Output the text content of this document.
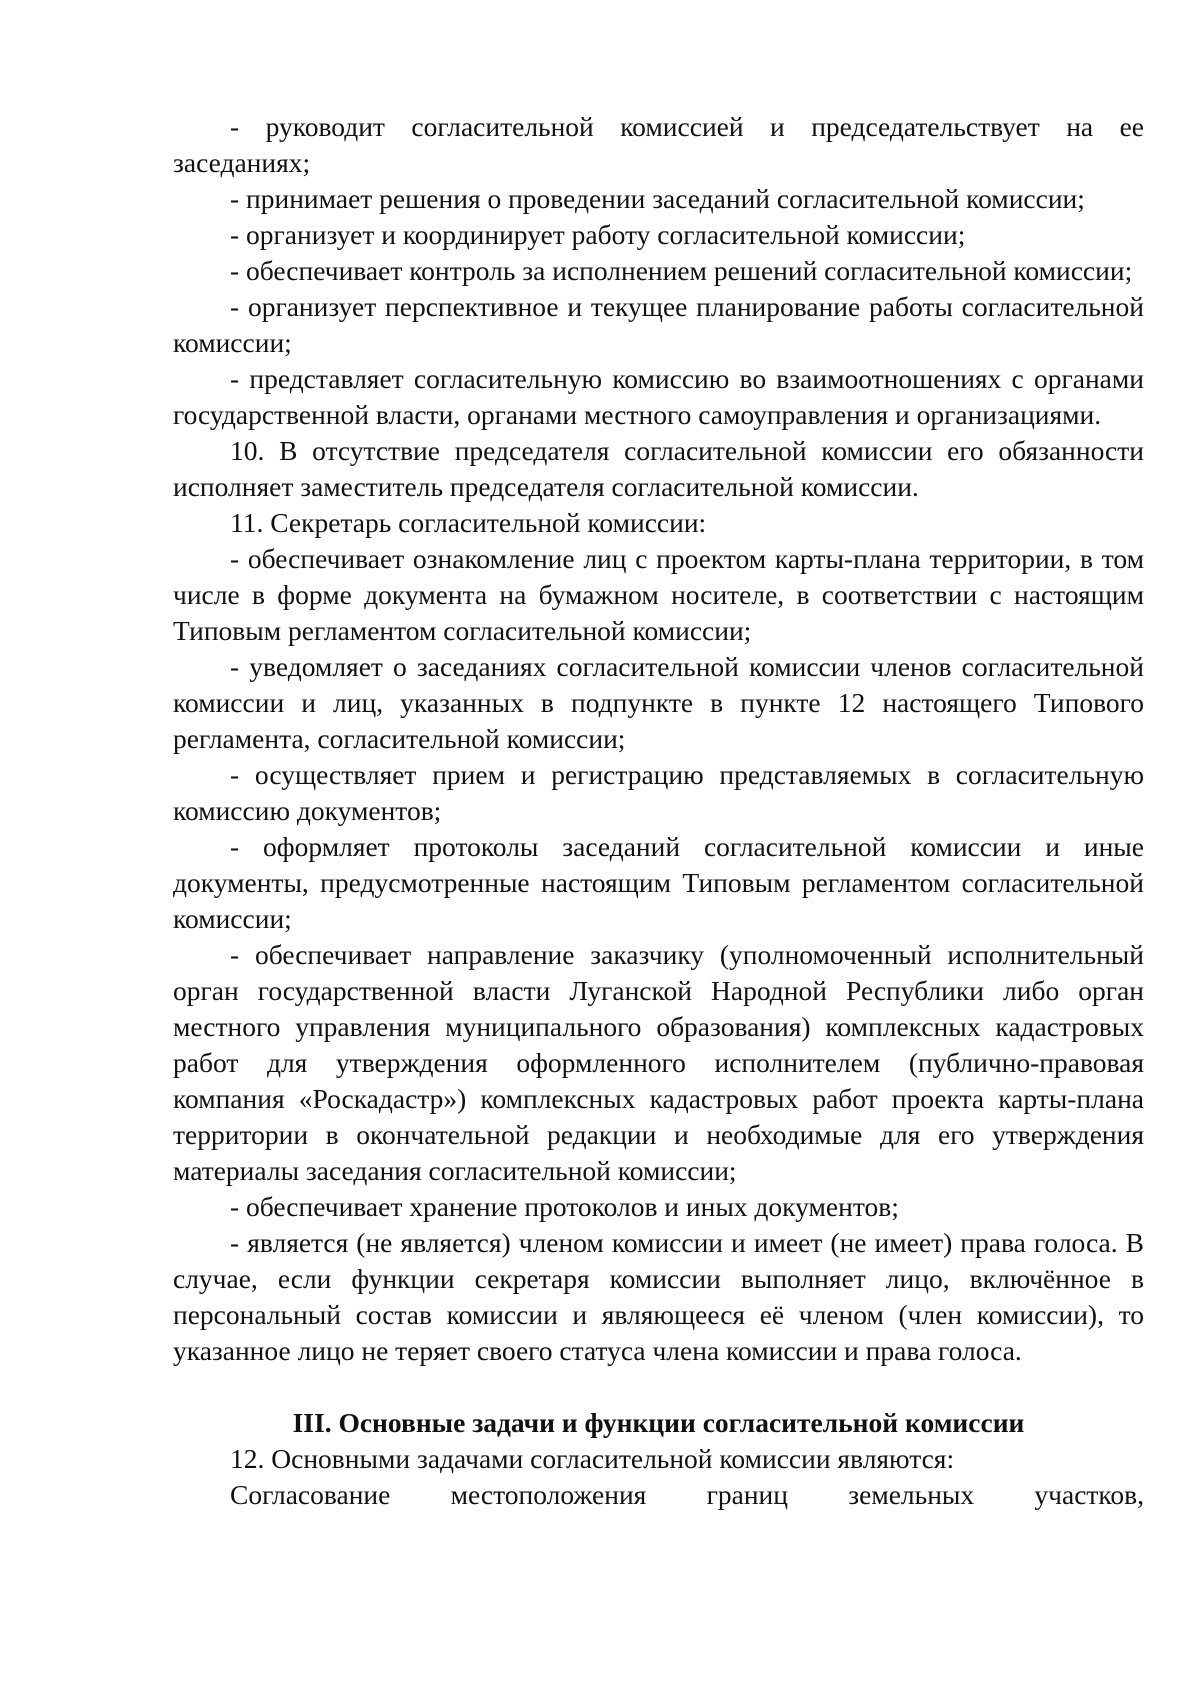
- руководит согласительной комиссией и председательствует на ее заседаниях;

- принимает решения о проведении заседаний согласительной комиссии;

- организует и координирует работу согласительной комиссии;

- обеспечивает контроль за исполнением решений согласительной комиссии;

- организует перспективное и текущее планирование работы согласительной комиссии;

- представляет согласительную комиссию во взаимоотношениях с органами государственной власти, органами местного самоуправления и организациями.

10. В отсутствие председателя согласительной комиссии его обязанности исполняет заместитель председателя согласительной комиссии.

11. Секретарь согласительной комиссии:

- обеспечивает ознакомление лиц с проектом карты-плана территории, в том числе в форме документа на бумажном носителе, в соответствии с настоящим Типовым регламентом согласительной комиссии;

- уведомляет о заседаниях согласительной комиссии членов согласительной комиссии и лиц, указанных в подпункте в пункте 12 настоящего Типового регламента, согласительной комиссии;

- осуществляет прием и регистрацию представляемых в согласительную комиссию документов;

- оформляет протоколы заседаний согласительной комиссии и иные документы, предусмотренные настоящим Типовым регламентом согласительной комиссии;

- обеспечивает направление заказчику (уполномоченный исполнительный орган государственной власти Луганской Народной Республики либо орган местного управления муниципального образования) комплексных кадастровых работ для утверждения оформленного исполнителем (публично-правовая компания «Роскадастр») комплексных кадастровых работ проекта карты-плана территории в окончательной редакции и необходимые для его утверждения материалы заседания согласительной комиссии;

- обеспечивает хранение протоколов и иных документов;

- является (не является) членом комиссии и имеет (не имеет) права голоса. В случае, если функции секретаря комиссии выполняет лицо, включённое в персональный состав комиссии и являющееся её членом (член комиссии), то указанное лицо не теряет своего статуса члена комиссии и права голоса.

III. Основные задачи и функции согласительной комиссии

12. Основными задачами согласительной комиссии являются:

Согласование местоположения границ земельных участков,
